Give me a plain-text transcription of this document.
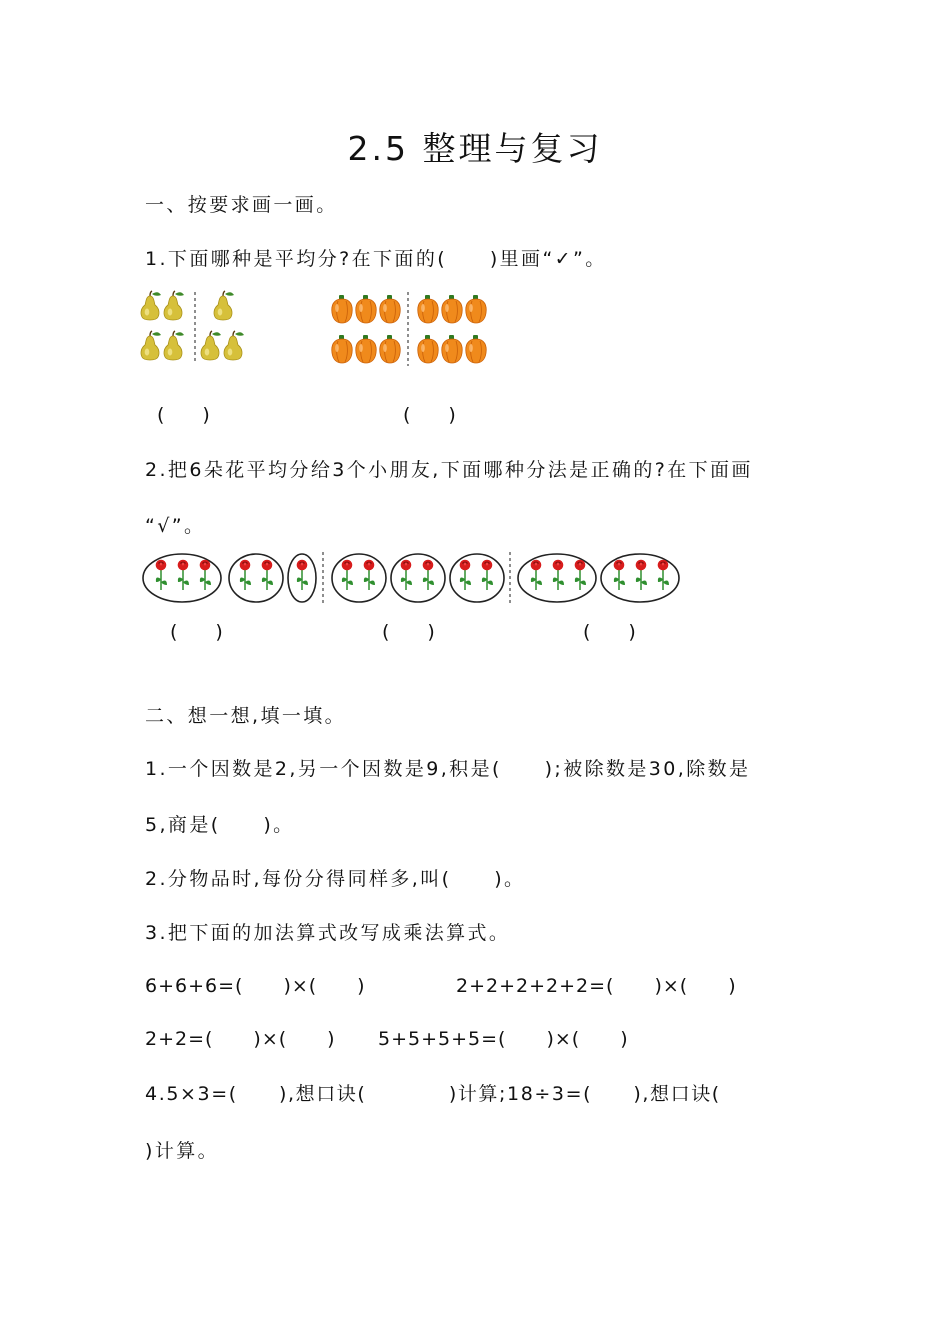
2.5 整理与复习
一、按要求画一画。
1.下面哪种是平均分?在下面的(　　)里画“✓”。
(　　)	(　　)
2.把6朵花平均分给3个小朋友,下面哪种分法是正确的?在下面画
“√”。
(　　)	(　　)	(　　)
二、想一想,填一填。
1.一个因数是2,另一个因数是9,积是(　　);被除数是30,除数是
5,商是(　　)。
2.分物品时,每份分得同样多,叫(　　)。
3.把下面的加法算式改写成乘法算式。
6+6+6=(　　)×(　　)	2+2+2+2+2=(　　)×(　　)
2+2=(　　)×(　　) 5+5+5+5=(　　)×(　　)
4.5×3=(　　),想口诀(　　　　)计算;18÷3=(　　),想口诀(
)计算。
